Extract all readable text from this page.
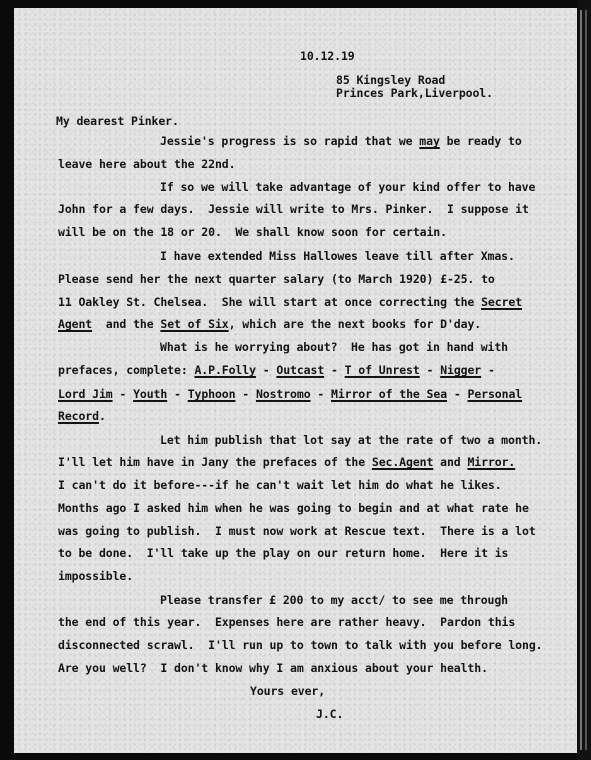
10.12.19
85 Kingsley Road
Princes Park,Liverpool.
My dearest Pinker.
Jessie's progress is so rapid that we may be ready to
leave here about the 22nd.
If so we will take advantage of your kind offer to have
John for a few days.  Jessie will write to Mrs. Pinker.  I suppose it
will be on the 18 or 20.  We shall know soon for certain.
I have extended Miss Hallowes leave till after Xmas.
Please send her the next quarter salary (to March 1920) £-25. to
11 Oakley St. Chelsea.  She will start at once correcting the Secret
Agent  and the Set of Six, which are the next books for D'day.
What is he worrying about?  He has got in hand with
prefaces, complete: A.P.Folly - Outcast - T of Unrest - Nigger -
Lord Jim - Youth - Typhoon - Nostromo - Mirror of the Sea - Personal
Record.
Let him publish that lot say at the rate of two a month.
I'll let him have in Jany the prefaces of the Sec.Agent and Mirror.
I can't do it before---if he can't wait let him do what he likes.
Months ago I asked him when he was going to begin and at what rate he
was going to publish.  I must now work at Rescue text.  There is a lot
to be done.  I'll take up the play on our return home.  Here it is
impossible.
Please transfer £ 200 to my acct/ to see me through
the end of this year.  Expenses here are rather heavy.  Pardon this
disconnected scrawl.  I'll run up to town to talk with you before long.
Are you well?  I don't know why I am anxious about your health.
Yours ever,
J.C.
